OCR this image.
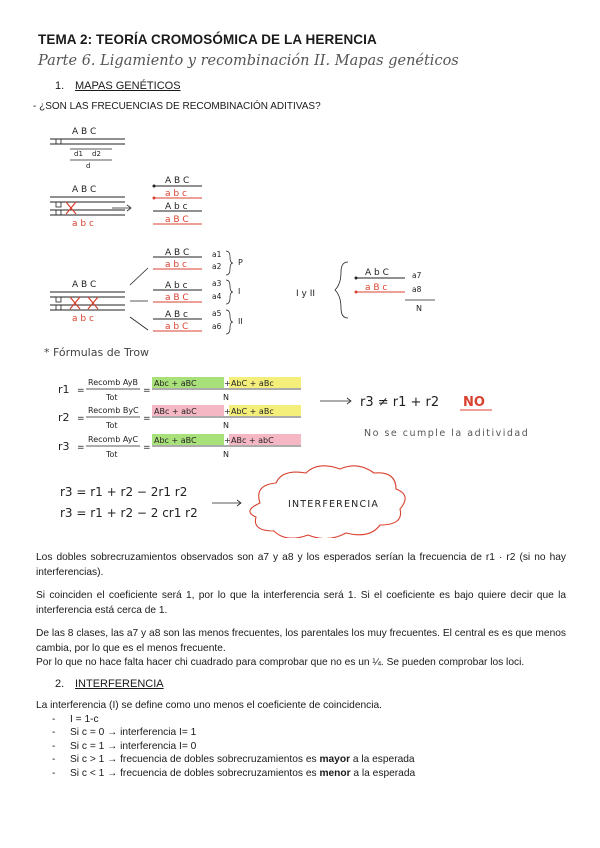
TEMA 2: TEORÍA CROMOSÓMICA DE LA HERENCIA
Parte 6. Ligamiento y recombinación II. Mapas genéticos
1. MAPAS GENÉTICOS
- ¿SON LAS FRECUENCIAS DE RECOMBINACIÓN ADITIVAS?
A B C
d1 d2
d
A B C
a b c
A B C
a b c
A b c
a B C
A B C
a b c
A B C
a b c
A b c
a B C
A B c
a b C
a1
a2
a3
a4
a5
a6
P
I
II
I y II
A b C
a B c
a7
a8
N
* Fórmulas de Trow
r1 =
Recomb AyB
Tot
=
Abc + aBC	+ AbC + aBc
N
r2 =
Recomb ByC
Tot
=
ABc + abC	+ AbC + aBc
N
r3 =
Recomb AyC
Tot
=
Abc + aBC	+ ABc + abC
N
r3 ≠ r1 + r2 NO
No se cumple la aditividad
r3 = r1 + r2 − 2r1 r2
r3 = r1 + r2 − 2 cr1 r2
INTERFERENCIA
Los dobles sobrecruzamientos observados son a7 y a8 y los esperados serían la frecuencia de r1 · r2 (si no hay interferencias).
Si coinciden el coeficiente será 1, por lo que la interferencia será 1. Si el coeficiente es bajo quiere decir que la interferencia está cerca de 1.
De las 8 clases, las a7 y a8 son las menos frecuentes, los parentales los muy frecuentes. El central es es que menos cambia, por lo que es el menos frecuente.
Por lo que no hace falta hacer chi cuadrado para comprobar que no es un ¼. Se pueden comprobar los loci.
2. INTERFERENCIA
La interferencia (I) se define como uno menos el coeficiente de coincidencia.
- I = 1-c
- Si c = 0 → interferencia I= 1
- Si c = 1 → interferencia I= 0
- Si c > 1 → frecuencia de dobles sobrecruzamientos es mayor a la esperada
- Si c < 1 → frecuencia de dobles sobrecruzamientos es menor a la esperada
